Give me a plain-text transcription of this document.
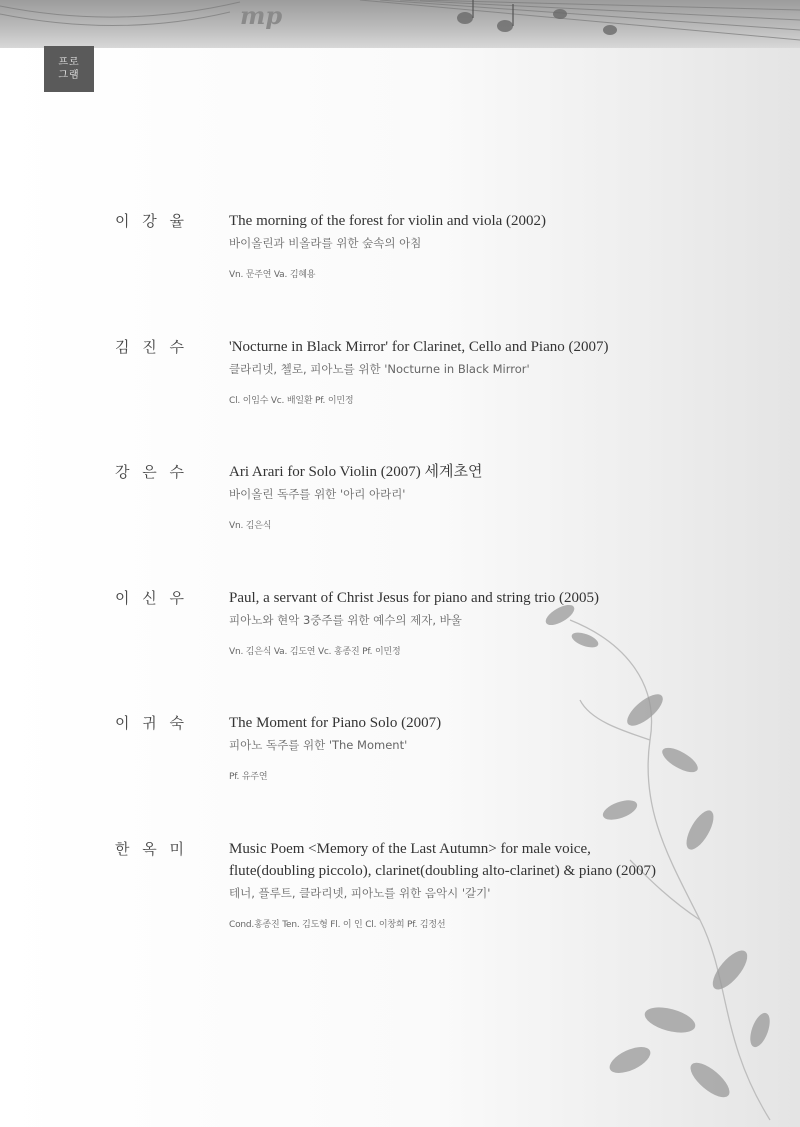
mp
프로
그램
이 강 율	The morning of the forest for violin and viola (2002)
바이올린과 비올라를 위한 숲속의 아침
Vn. 문주연 Va. 김혜용
김 진 수	'Nocturne in Black Mirror' for Clarinet, Cello and Piano (2007)
클라리넷, 첼로, 피아노를 위한 'Nocturne in Black Mirror'
Cl. 이임수 Vc. 배일환 Pf. 이민정
강 은 수	Ari Arari for Solo Violin (2007) 세계초연
바이올린 독주를 위한 '아리 아라리'
Vn. 김은식
이 신 우	Paul, a servant of Christ Jesus for piano and string trio (2005)
피아노와 현악 3중주를 위한 예수의 제자, 바울
Vn. 김은식 Va. 김도연 Vc. 홍종진 Pf. 이민정
이 귀 숙	The Moment for Piano Solo (2007)
피아노 독주를 위한 'The Moment'
Pf. 유주연
한 옥 미	Music Poem <Memory of the Last Autumn> for male voice,
flute(doubling piccolo), clarinet(doubling alto-clarinet) & piano (2007)
테너, 플루트, 클라리넷, 피아노를 위한 음악시 '갈기'
Cond.홍종진 Ten. 김도형 Fl. 이 인 Cl. 이창희 Pf. 김정선
